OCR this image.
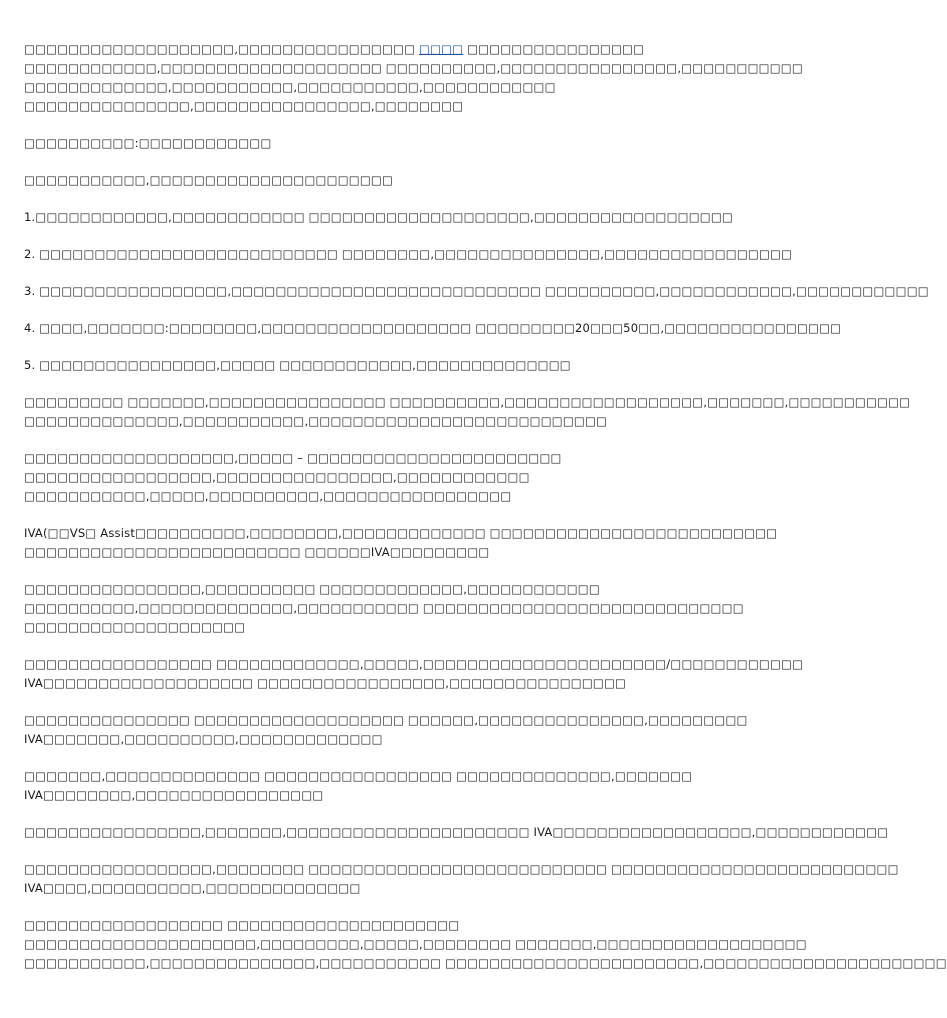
□□□□□□□□□□□□□□□□□□□,□□□□□□□□□□□□□□□□ □□□□ □□□□□□□□□□□□□□□□
□□□□□□□□□□□□,□□□□□□□□□□□□□□□□□□□□ □□□□□□□□□□,□□□□□□□□□□□□□□□□,□□□□□□□□□□□
□□□□□□□□□□□□□,□□□□□□□□□□□,□□□□□□□□□□□,□□□□□□□□□□□□
□□□□□□□□□□□□□□□,□□□□□□□□□□□□□□□□,□□□□□□□□

□□□□□□□□□□:□□□□□□□□□□□□

□□□□□□□□□□□,□□□□□□□□□□□□□□□□□□□□□□

1.□□□□□□□□□□□□,□□□□□□□□□□□□ □□□□□□□□□□□□□□□□□□□□,□□□□□□□□□□□□□□□□□□

2. □□□□□□□□□□□□□□□□□□□□□□□□□□□ □□□□□□□□,□□□□□□□□□□□□□□□,□□□□□□□□□□□□□□□□□

3. □□□□□□□□□□□□□□□□□,□□□□□□□□□□□□□□□□□□□□□□□□□□□□ □□□□□□□□□□,□□□□□□□□□□□□,□□□□□□□□□□□□

4. □□□□,□□□□□□□:□□□□□□□□,□□□□□□□□□□□□□□□□□□□ □□□□□□□□□20□□□50□□,□□□□□□□□□□□□□□□□

5. □□□□□□□□□□□□□□□□,□□□□□ □□□□□□□□□□□□,□□□□□□□□□□□□□□

□□□□□□□□□ □□□□□□□,□□□□□□□□□□□□□□□□ □□□□□□□□□□,□□□□□□□□□□□□□□□□□□,□□□□□□□,□□□□□□□□□□□
□□□□□□□□□□□□□□,□□□□□□□□□□□,□□□□□□□□□□□□□□□□□□□□□□□□□□□

□□□□□□□□□□□□□□□□□□□,□□□□□ – □□□□□□□□□□□□□□□□□□□□□□□
□□□□□□□□□□□□□□□□□,□□□□□□□□□□□□□□□□,□□□□□□□□□□□□
□□□□□□□□□□□,□□□□□,□□□□□□□□□□,□□□□□□□□□□□□□□□□□

IVA(□□VS□ Assist□□□□□□□□□□,□□□□□□□□,□□□□□□□□□□□□□ □□□□□□□□□□□□□□□□□□□□□□□□□□
□□□□□□□□□□□□□□□□□□□□□□□□□ □□□□□□IVA□□□□□□□□□

□□□□□□□□□□□□□□□□,□□□□□□□□□□ □□□□□□□□□□□□□,□□□□□□□□□□□□
□□□□□□□□□□,□□□□□□□□□□□□□□,□□□□□□□□□□□ □□□□□□□□□□□□□□□□□□□□□□□□□□□□□
□□□□□□□□□□□□□□□□□□□□

□□□□□□□□□□□□□□□□□ □□□□□□□□□□□□□,□□□□□,□□□□□□□□□□□□□□□□□□□□□□/□□□□□□□□□□□□
IVA□□□□□□□□□□□□□□□□□□□ □□□□□□□□□□□□□□□□□,□□□□□□□□□□□□□□□□

□□□□□□□□□□□□□□□ □□□□□□□□□□□□□□□□□□□ □□□□□□,□□□□□□□□□□□□□□□,□□□□□□□□□
IVA□□□□□□□,□□□□□□□□□□,□□□□□□□□□□□□□

□□□□□□□,□□□□□□□□□□□□□□ □□□□□□□□□□□□□□□□□ □□□□□□□□□□□□□□,□□□□□□□
IVA□□□□□□□□,□□□□□□□□□□□□□□□□□

□□□□□□□□□□□□□□□□,□□□□□□□,□□□□□□□□□□□□□□□□□□□□□□ IVA□□□□□□□□□□□□□□□□□□,□□□□□□□□□□□□

□□□□□□□□□□□□□□□□□,□□□□□□□□ □□□□□□□□□□□□□□□□□□□□□□□□□□□ □□□□□□□□□□□□□□□□□□□□□□□□□□
IVA□□□□,□□□□□□□□□□,□□□□□□□□□□□□□□

□□□□□□□□□□□□□□□□□□ □□□□□□□□□□□□□□□□□□□□□
□□□□□□□□□□□□□□□□□□□□□,□□□□□□□□□,□□□□□,□□□□□□□□ □□□□□□□,□□□□□□□□□□□□□□□□□□□
□□□□□□□□□□□,□□□□□□□□□□□□□□□,□□□□□□□□□□□ □□□□□□□□□□□□□□□□□□□□□□□,□□□□□□□□□□□□□□□□□□□□□□
